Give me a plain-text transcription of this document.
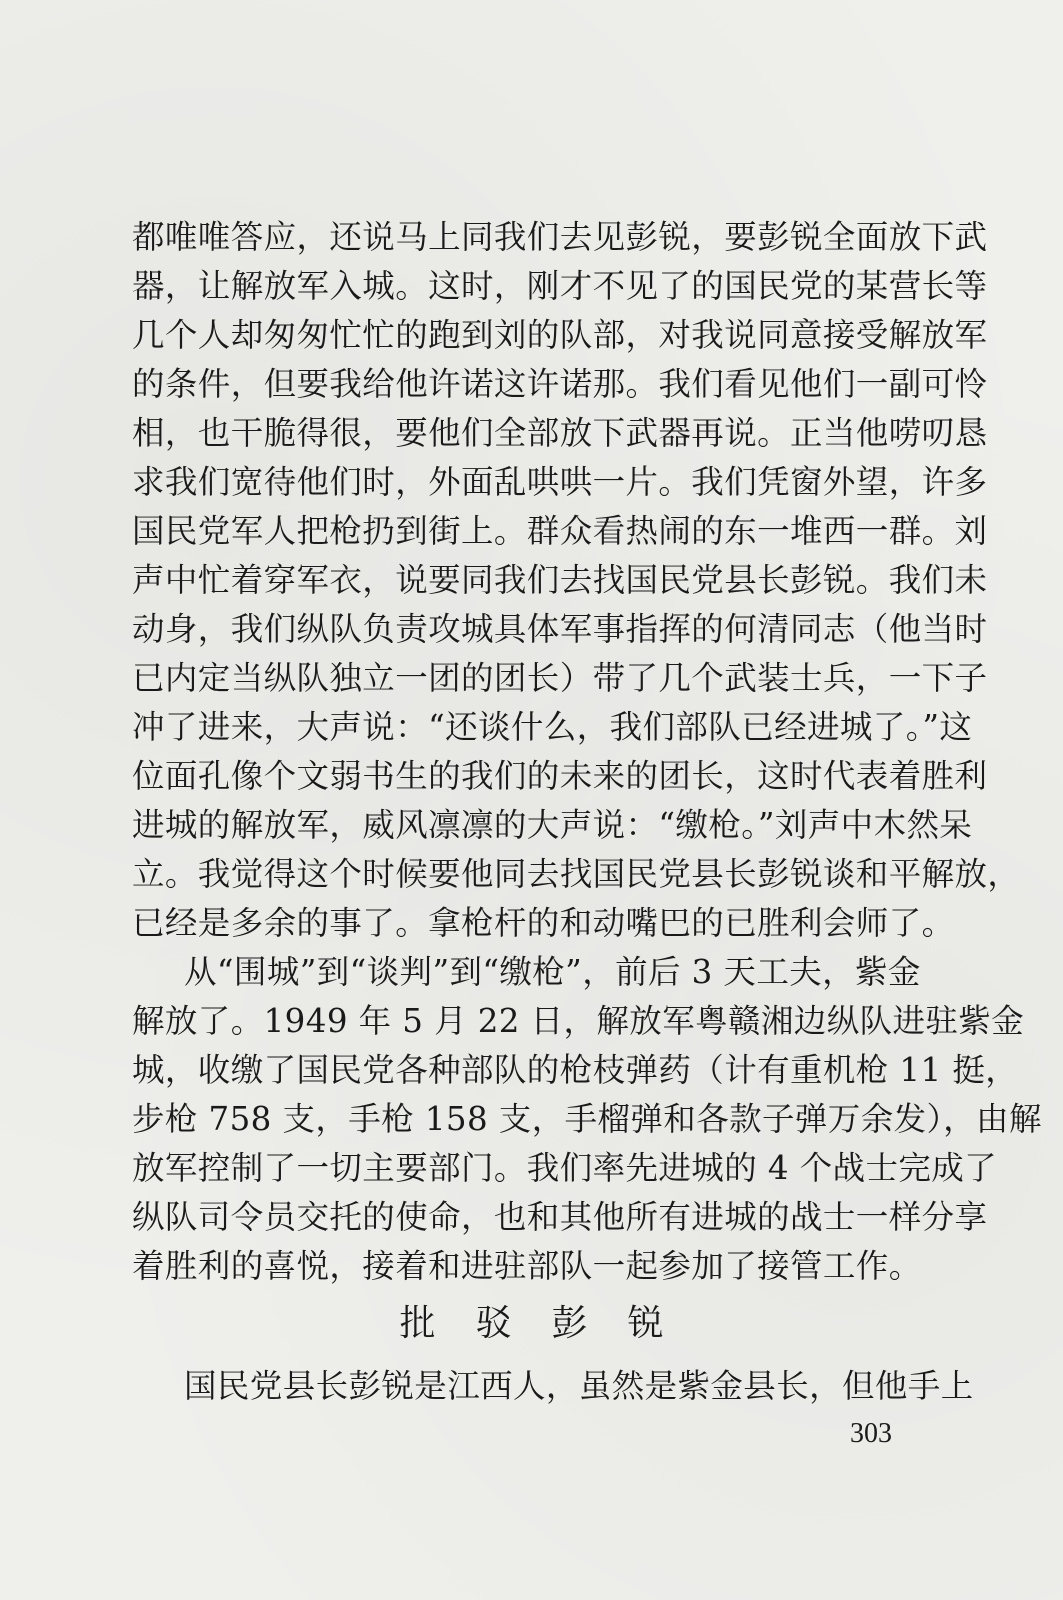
都唯唯答应，还说马上同我们去见彭锐，要彭锐全面放下武
器，让解放军入城。这时，刚才不见了的国民党的某营长等
几个人却匆匆忙忙的跑到刘的队部，对我说同意接受解放军
的条件，但要我给他许诺这许诺那。我们看见他们一副可怜
相，也干脆得很，要他们全部放下武器再说。正当他唠叨恳
求我们宽待他们时，外面乱哄哄一片。我们凭窗外望，许多
国民党军人把枪扔到街上。群众看热闹的东一堆西一群。刘
声中忙着穿军衣，说要同我们去找国民党县长彭锐。我们未
动身，我们纵队负责攻城具体军事指挥的何清同志（他当时
已内定当纵队独立一团的团长）带了几个武装士兵，一下子
冲了进来，大声说：“还谈什么，我们部队已经进城了。”这
位面孔像个文弱书生的我们的未来的团长，这时代表着胜利
进城的解放军，威风凛凛的大声说：“缴枪。”刘声中木然呆
立。我觉得这个时候要他同去找国民党县长彭锐谈和平解放，
已经是多余的事了。拿枪杆的和动嘴巴的已胜利会师了。
从“围城”到“谈判”到“缴枪”，前后 3 天工夫，紫金
解放了。1949 年 5 月 22 日，解放军粤赣湘边纵队进驻紫金
城，收缴了国民党各种部队的枪枝弹药（计有重机枪 11 挺，
步枪 758 支，手枪 158 支，手榴弹和各款子弹万余发），由解
放军控制了一切主要部门。我们率先进城的 4 个战士完成了
纵队司令员交托的使命，也和其他所有进城的战士一样分享
着胜利的喜悦，接着和进驻部队一起参加了接管工作。
批驳彭锐
国民党县长彭锐是江西人，虽然是紫金县长，但他手上
303
